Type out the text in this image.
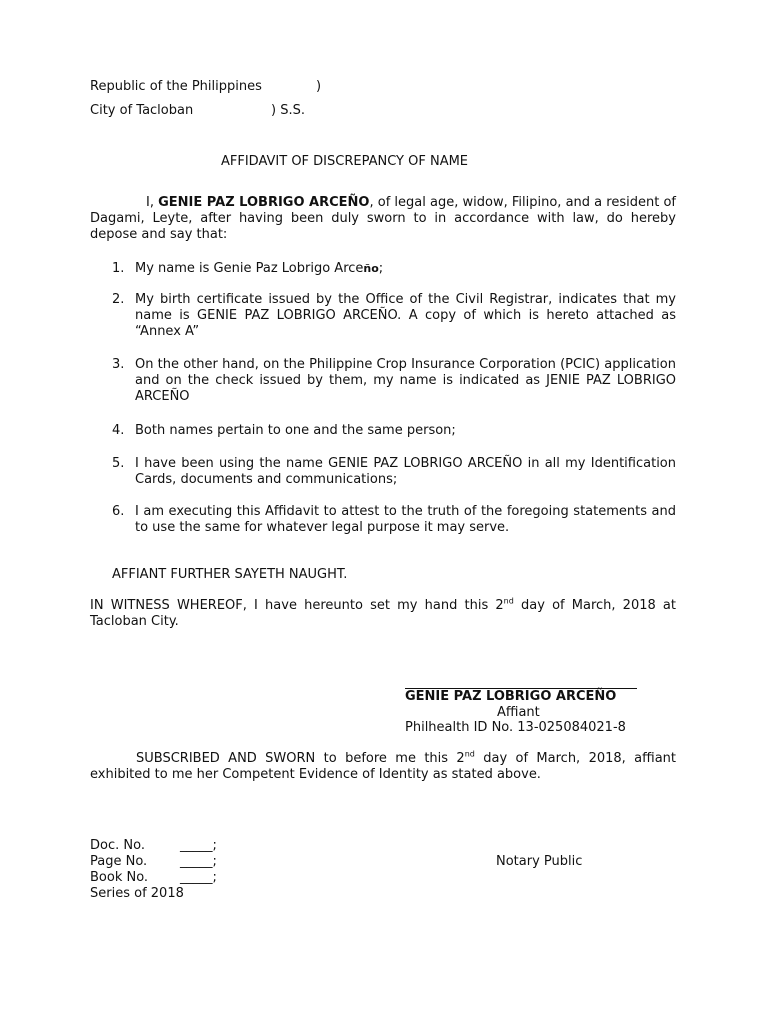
Republic of the Philippines	)
City of Tacloban	) S.S.
AFFIDAVIT OF DISCREPANCY OF NAME
I, GENIE PAZ LOBRIGO ARCEÑO, of legal age, widow, Filipino, and a resident of Dagami, Leyte, after having been duly sworn to in accordance with law, do hereby depose and say that:
1. My name is Genie Paz Lobrigo Arceño;
2. My birth certificate issued by the Office of the Civil Registrar, indicates that my name is GENIE PAZ LOBRIGO ARCEÑO. A copy of which is hereto attached as “Annex A”
3. On the other hand, on the Philippine Crop Insurance Corporation (PCIC) application and on the check issued by them, my name is indicated as JENIE PAZ LOBRIGO ARCEÑO
4. Both names pertain to one and the same person;
5. I have been using the name GENIE PAZ LOBRIGO ARCEÑO in all my Identification Cards, documents and communications;
6. I am executing this Affidavit to attest to the truth of the foregoing statements and to use the same for whatever legal purpose it may serve.
AFFIANT FURTHER SAYETH NAUGHT.
IN WITNESS WHEREOF, I have hereunto set my hand this 2nd day of March, 2018 at Tacloban City.
GENIE PAZ LOBRIGO ARCEÑO
Affiant
Philhealth ID No. 13-025084021-8
SUBSCRIBED AND SWORN to before me this 2nd day of March, 2018, affiant exhibited to me her Competent Evidence of Identity as stated above.
Doc. No.	_____;
Page No.	_____;
Book No. _____;
Series of 2018
Notary Public
